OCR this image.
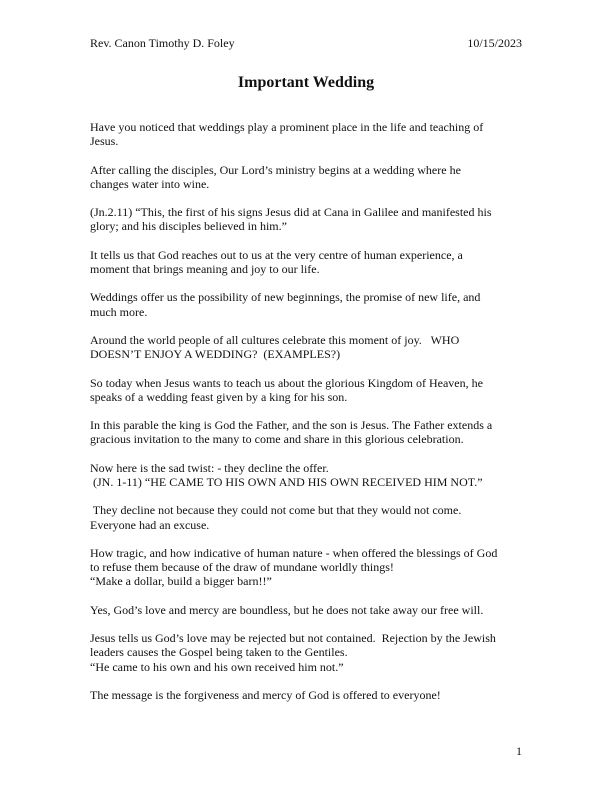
Rev. Canon Timothy D. Foley	10/15/2023
Important Wedding
Have you noticed that weddings play a prominent place in the life and teaching of
Jesus.
After calling the disciples, Our Lord’s ministry begins at a wedding where he
changes water into wine.
(Jn.2.11) “This, the first of his signs Jesus did at Cana in Galilee and manifested his
glory; and his disciples believed in him.”
It tells us that God reaches out to us at the very centre of human experience, a
moment that brings meaning and joy to our life.
Weddings offer us the possibility of new beginnings, the promise of new life, and
much more.
Around the world people of all cultures celebrate this moment of joy.   WHO
DOESN’T ENJOY A WEDDING?  (EXAMPLES?)
So today when Jesus wants to teach us about the glorious Kingdom of Heaven, he
speaks of a wedding feast given by a king for his son.
In this parable the king is God the Father, and the son is Jesus. The Father extends a
gracious invitation to the many to come and share in this glorious celebration.
Now here is the sad twist: - they decline the offer.
(JN. 1-11) “HE CAME TO HIS OWN AND HIS OWN RECEIVED HIM NOT.”
They decline not because they could not come but that they would not come.
Everyone had an excuse.
How tragic, and how indicative of human nature - when offered the blessings of God
to refuse them because of the draw of mundane worldly things!
“Make a dollar, build a bigger barn!!”
Yes, God’s love and mercy are boundless, but he does not take away our free will.
Jesus tells us God’s love may be rejected but not contained.  Rejection by the Jewish
leaders causes the Gospel being taken to the Gentiles.
“He came to his own and his own received him not.”
The message is the forgiveness and mercy of God is offered to everyone!
1
